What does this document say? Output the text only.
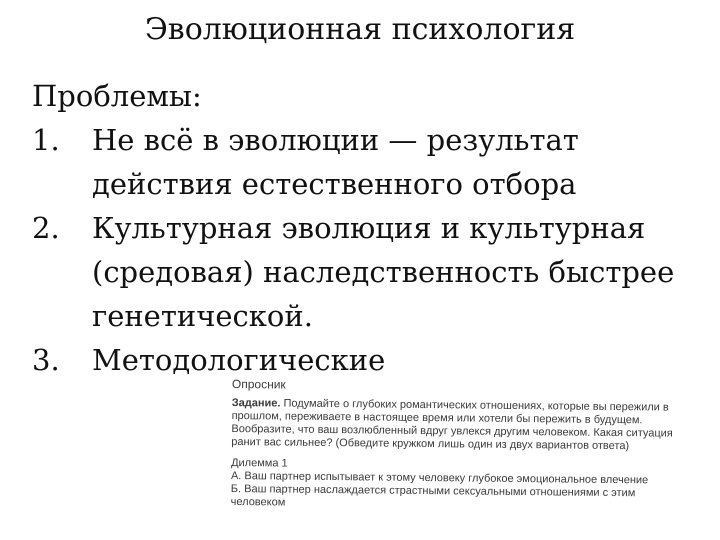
Эволюционная психология

Проблемы:

1. Не всё в эволюции — результат
действия естественного отбора
2. Культурная эволюция и культурная
(средовая) наследственность быстрее
генетической.
3. Методологические
Опросник

Задание. Подумайте о глубоких романтических отношениях, которые вы пережили в прошлом, переживаете в настоящее время или хотели бы пережить в будущем. Вообразите, что ваш возлюбленный вдруг увлекся другим человеком. Какая ситуация ранит вас сильнее? (Обведите кружком лишь один из двух вариантов ответа)

Дилемма 1

А. Ваш партнер испытывает к этому человеку глубокое эмоциональное влечение

Б. Ваш партнер наслаждается страстными сексуальными отношениями с этим человеком
